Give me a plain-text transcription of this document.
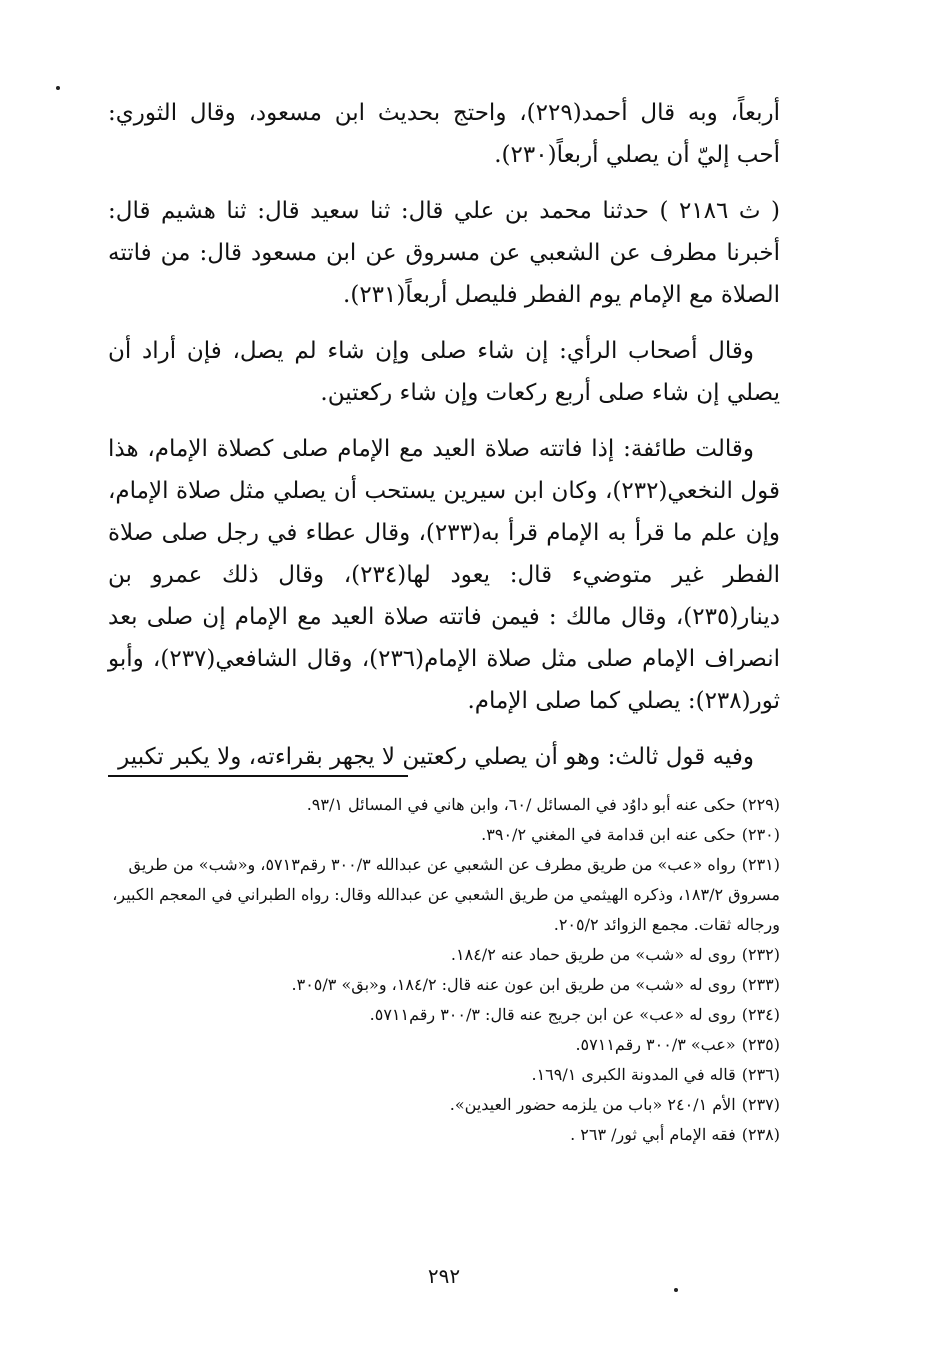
أربعاً، وبه قال أحمد(٢٢٩)، واحتج بحديث ابن مسعود، وقال الثوري: أحب إليّ أن يصلي أربعاً(٢٣٠).

( ث ٢١٨٦ ) حدثنا محمد بن علي قال: ثنا سعيد قال: ثنا هشيم قال: أخبرنا مطرف عن الشعبي عن مسروق عن ابن مسعود قال: من فاتته الصلاة مع الإمام يوم الفطر فليصل أربعاً(٢٣١).

وقال أصحاب الرأي: إن شاء صلى وإن شاء لم يصل، فإن أراد أن يصلي إن شاء صلى أربع ركعات وإن شاء ركعتين.

وقالت طائفة: إذا فاتته صلاة العيد مع الإمام صلى كصلاة الإمام، هذا قول النخعي(٢٣٢)، وكان ابن سيرين يستحب أن يصلي مثل صلاة الإمام، وإن علم ما قرأ به الإمام قرأ به(٢٣٣)، وقال عطاء في رجل صلى صلاة الفطر غير متوضيء قال: يعود لها(٢٣٤)، وقال ذلك عمرو بن دينار(٢٣٥)، وقال مالك : فيمن فاتته صلاة العيد مع الإمام إن صلى بعد انصراف الإمام صلى مثل صلاة الإمام(٢٣٦)، وقال الشافعي(٢٣٧)، وأبو ثور(٢٣٨): يصلي كما صلى الإمام.

وفيه قول ثالث: وهو أن يصلي ركعتين لا يجهر بقراءته، ولا يكبر تكبير

(٢٢٩)حكى عنه أبو داوُد في المسائل /٦٠، وابن هاني في المسائل ٩٣/١.
(٢٣٠)حكى عنه ابن قدامة في المغني ٣٩٠/٢.
(٢٣١)رواه «عب» من طريق مطرف عن الشعبي عن عبدالله ٣٠٠/٣ رقم٥٧١٣، و«شب» من طريق مسروق ١٨٣/٢، وذكره الهيثمي من طريق الشعبي عن عبدالله وقال: رواه الطبراني في المعجم الكبير، ورجاله ثقات. مجمع الزوائد ٢٠٥/٢.
(٢٣٢)روى له «شب» من طريق حماد عنه ١٨٤/٢.
(٢٣٣)روى له «شب» من طريق ابن عون عنه قال: ١٨٤/٢، و«بق» ٣٠٥/٣.
(٢٣٤)روى له «عب» عن ابن جريج عنه قال: ٣٠٠/٣ رقم٥٧١١.
(٢٣٥)«عب» ٣٠٠/٣ رقم٥٧١١.
(٢٣٦)قاله في المدونة الكبرى ١٦٩/١.
(٢٣٧)الأم ٢٤٠/١ «باب من يلزمه حضور العيدين».
(٢٣٨)فقه الإمام أبي ثور/ ٢٦٣ .
٢٩٢
